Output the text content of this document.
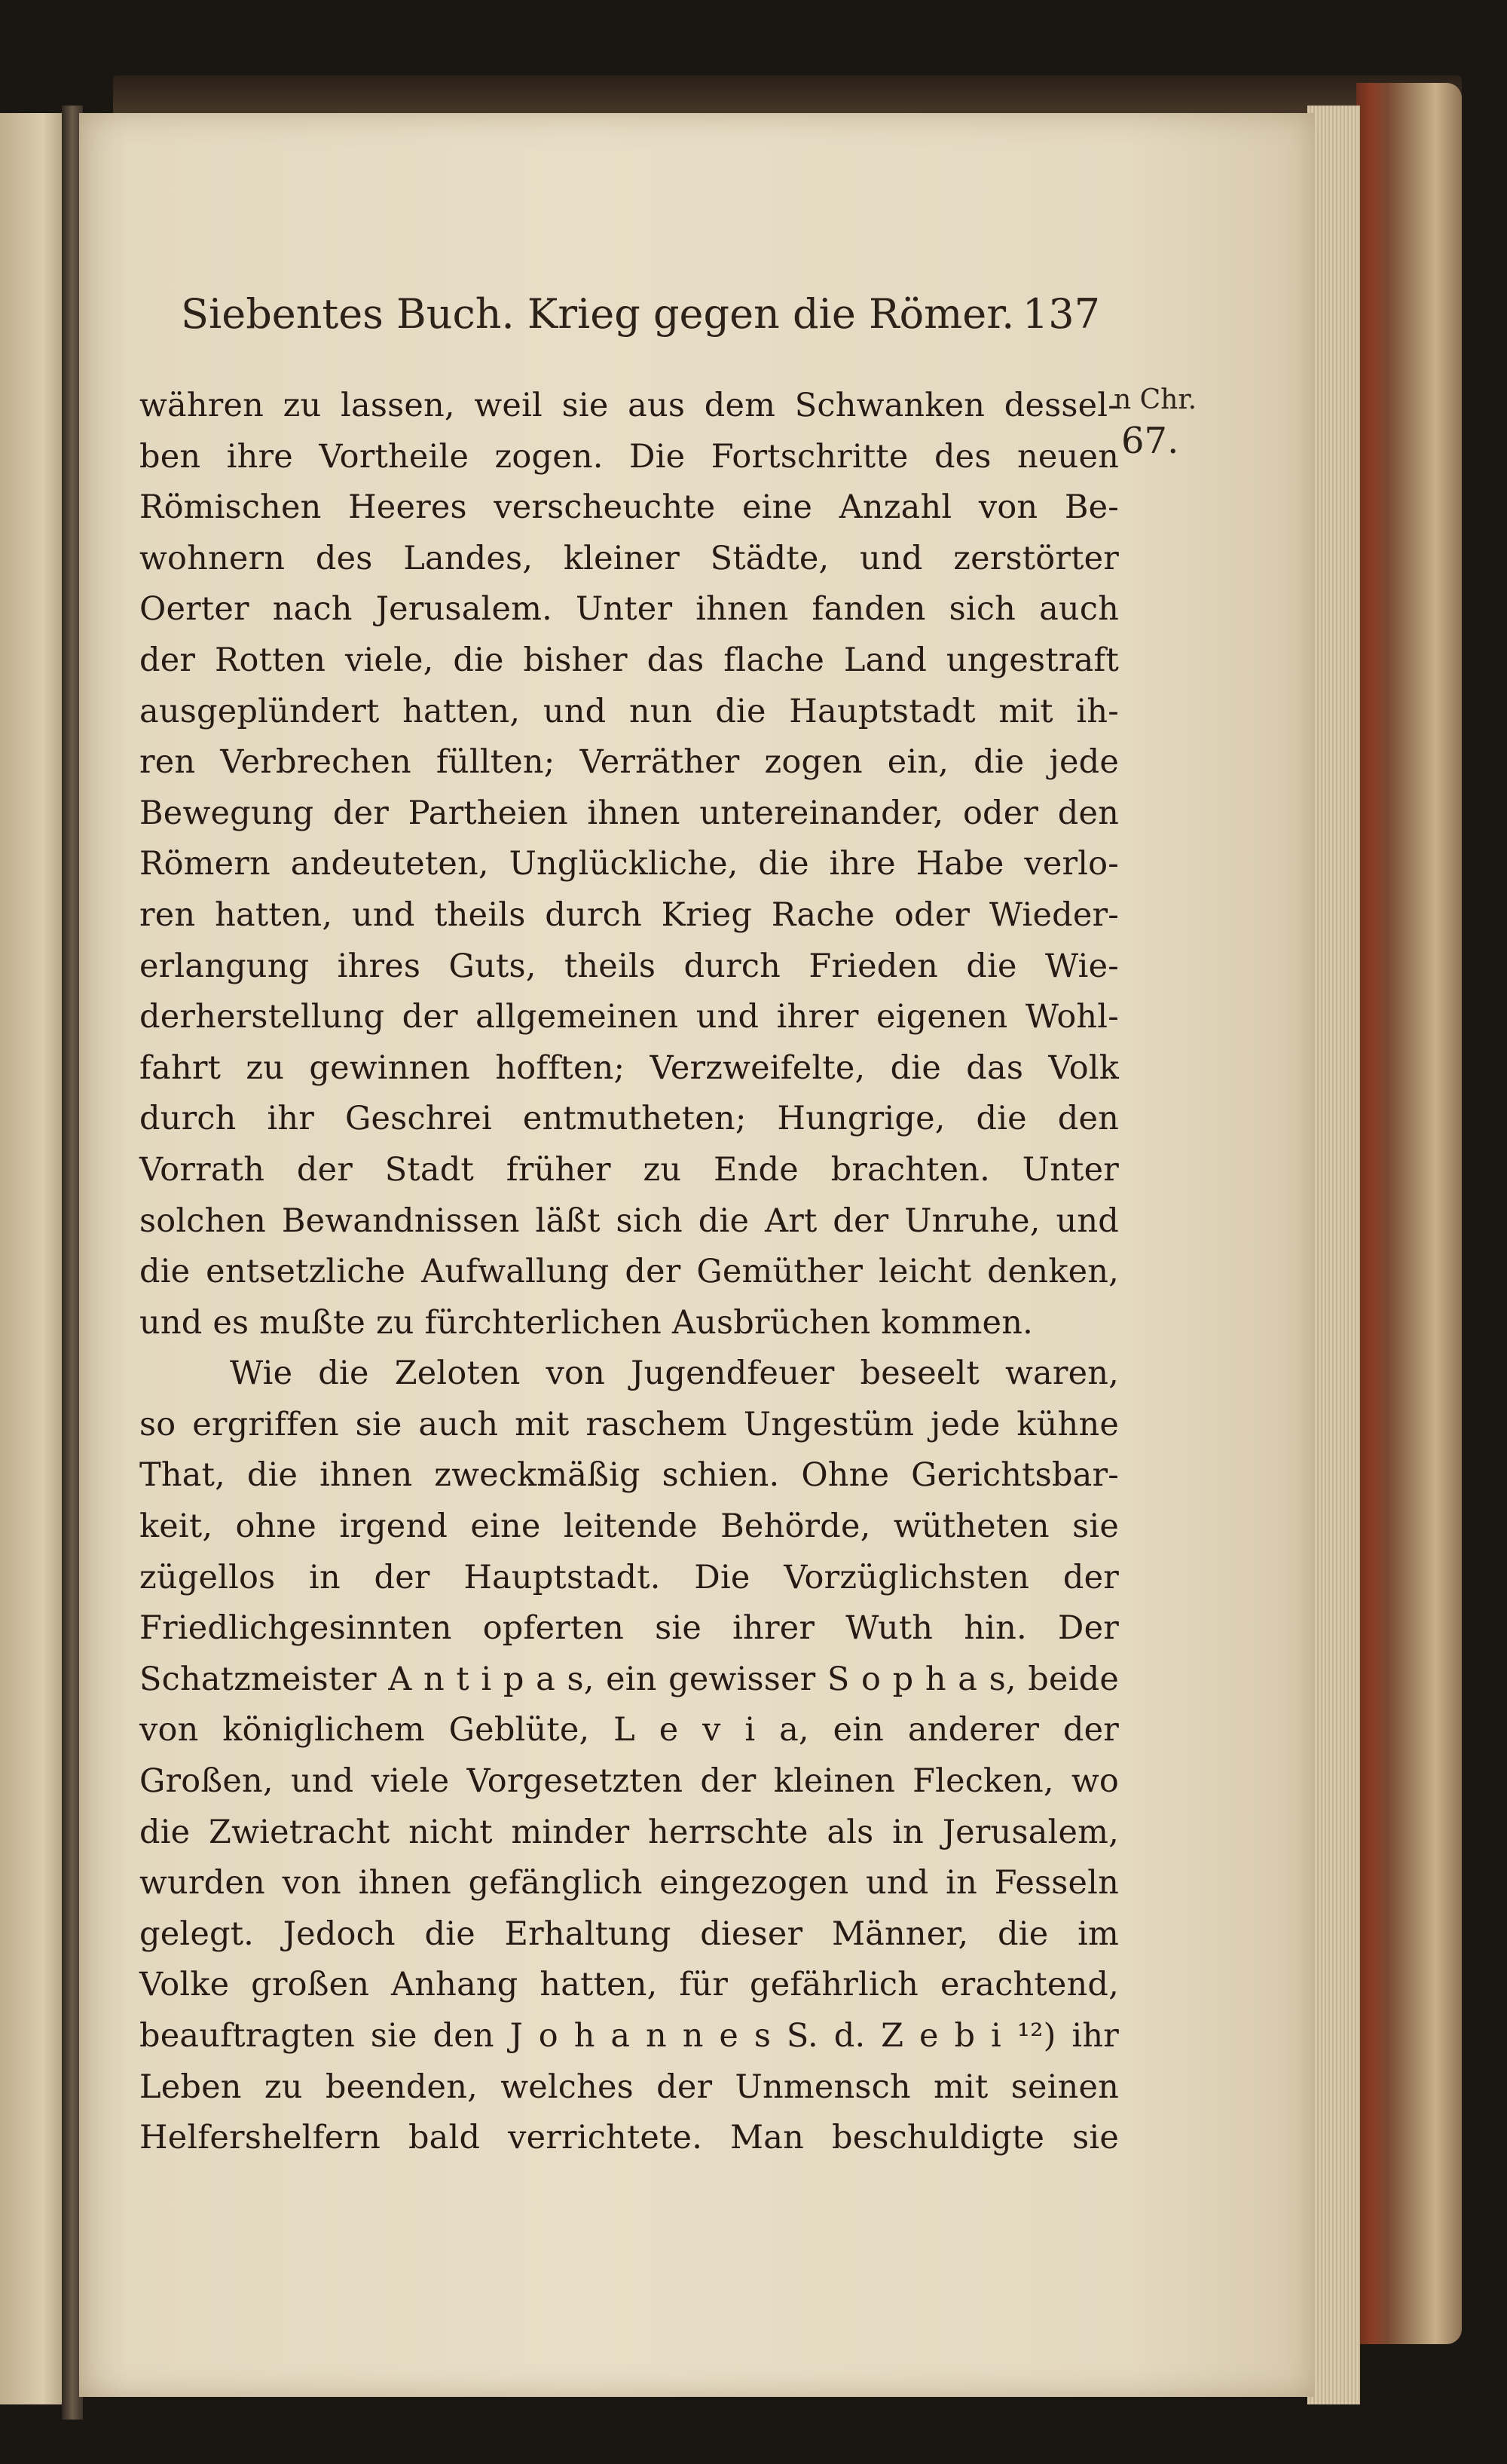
Siebentes Buch. Krieg gegen die Römer. 137
n Chr.
67.
währen zu lassen, weil sie aus dem Schwanken dessel-
ben ihre Vortheile zogen. Die Fortschritte des neuen
Römischen Heeres verscheuchte eine Anzahl von Be-
wohnern des Landes, kleiner Städte, und zerstörter
Oerter nach Jerusalem. Unter ihnen fanden sich auch
der Rotten viele, die bisher das flache Land ungestraft
ausgeplündert hatten, und nun die Hauptstadt mit ih-
ren Verbrechen füllten; Verräther zogen ein, die jede
Bewegung der Partheien ihnen untereinander, oder den
Römern andeuteten, Unglückliche, die ihre Habe verlo-
ren hatten, und theils durch Krieg Rache oder Wieder-
erlangung ihres Guts, theils durch Frieden die Wie-
derherstellung der allgemeinen und ihrer eigenen Wohl-
fahrt zu gewinnen hofften; Verzweifelte, die das Volk
durch ihr Geschrei entmutheten; Hungrige, die den
Vorrath der Stadt früher zu Ende brachten. Unter
solchen Bewandnissen läßt sich die Art der Unruhe, und
die entsetzliche Aufwallung der Gemüther leicht denken,
und es mußte zu fürchterlichen Ausbrüchen kommen.
Wie die Zeloten von Jugendfeuer beseelt waren,
so ergriffen sie auch mit raschem Ungestüm jede kühne
That, die ihnen zweckmäßig schien. Ohne Gerichtsbar-
keit, ohne irgend eine leitende Behörde, wütheten sie
zügellos in der Hauptstadt. Die Vorzüglichsten der
Friedlichgesinnten opferten sie ihrer Wuth hin. Der
Schatzmeister A n t i p a s, ein gewisser S o p h a s, beide
von königlichem Geblüte, L e v i a, ein anderer der
Großen, und viele Vorgesetzten der kleinen Flecken, wo
die Zwietracht nicht minder herrschte als in Jerusalem,
wurden von ihnen gefänglich eingezogen und in Fesseln
gelegt. Jedoch die Erhaltung dieser Männer, die im
Volke großen Anhang hatten, für gefährlich erachtend,
beauftragten sie den J o h a n n e s S. d. Z e b i ¹²) ihr
Leben zu beenden, welches der Unmensch mit seinen
Helfershelfern bald verrichtete. Man beschuldigte sie
